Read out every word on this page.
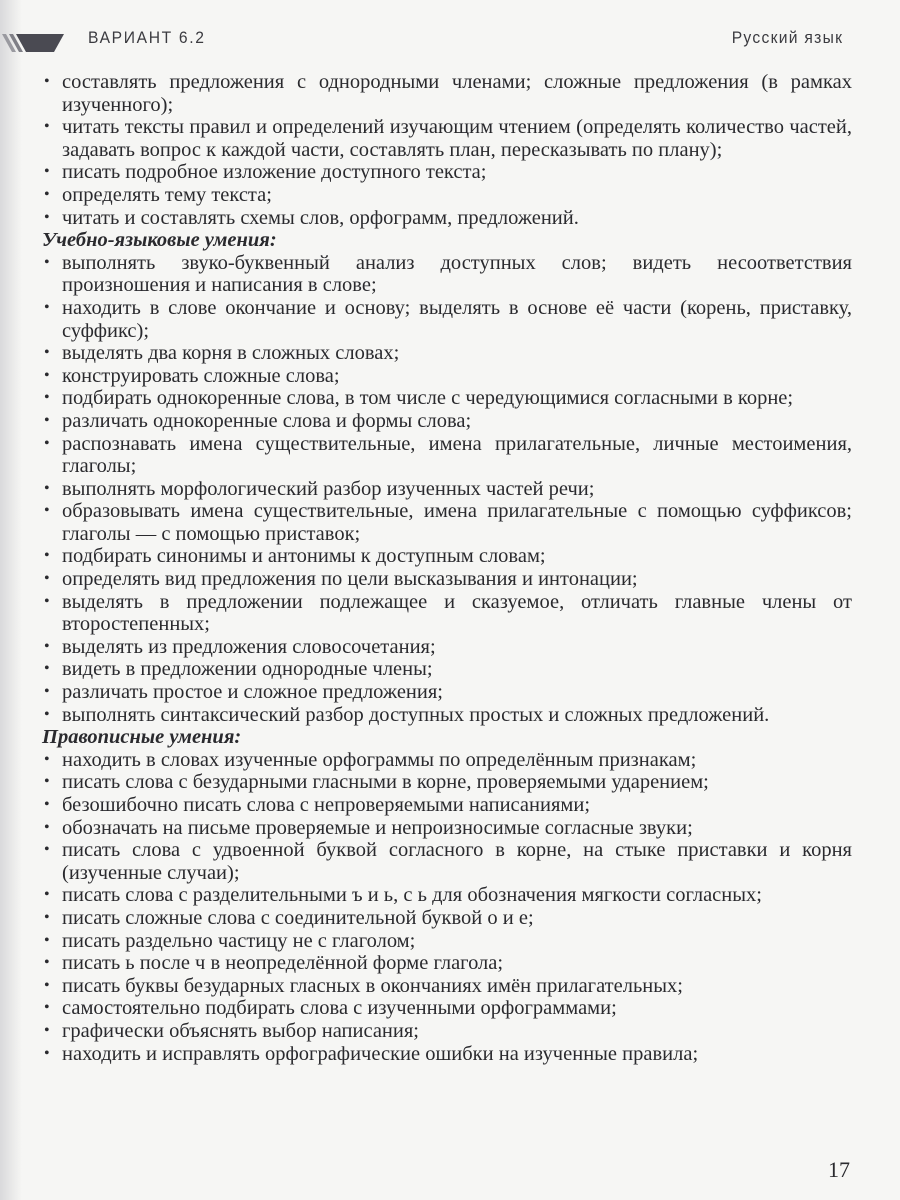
ВАРИАНТ 6.2	Русский язык
• составлять предложения с однородными членами; сложные предложения (в рамках изученного);
• читать тексты правил и определений изучающим чтением (определять количество частей, задавать вопрос к каждой части, составлять план, пересказывать по плану);
• писать подробное изложение доступного текста;
• определять тему текста;
• читать и составлять схемы слов, орфограмм, предложений.

Учебно-языковые умения:

• выполнять звуко-буквенный анализ доступных слов; видеть несоответствия произношения и написания в слове;
• находить в слове окончание и основу; выделять в основе её части (корень, приставку, суффикс);
• выделять два корня в сложных словах;
• конструировать сложные слова;
• подбирать однокоренные слова, в том числе с чередующимися согласными в корне;
• различать однокоренные слова и формы слова;
• распознавать имена существительные, имена прилагательные, личные местоимения, глаголы;
• выполнять морфологический разбор изученных частей речи;
• образовывать имена существительные, имена прилагательные с помощью суффиксов; глаголы — с помощью приставок;
• подбирать синонимы и антонимы к доступным словам;
• определять вид предложения по цели высказывания и интонации;
• выделять в предложении подлежащее и сказуемое, отличать главные члены от второстепенных;
• выделять из предложения словосочетания;
• видеть в предложении однородные члены;
• различать простое и сложное предложения;
• выполнять синтаксический разбор доступных простых и сложных предложений.

Правописные умения:

• находить в словах изученные орфограммы по определённым признакам;
• писать слова с безударными гласными в корне, проверяемыми ударением;
• безошибочно писать слова с непроверяемыми написаниями;
• обозначать на письме проверяемые и непроизносимые согласные звуки;
• писать слова с удвоенной буквой согласного в корне, на стыке приставки и корня (изученные случаи);
• писать слова с разделительными ъ и ь, с ь для обозначения мягкости согласных;
• писать сложные слова с соединительной буквой о и е;
• писать раздельно частицу не с глаголом;
• писать ь после ч в неопределённой форме глагола;
• писать буквы безударных гласных в окончаниях имён прилагательных;
• самостоятельно подбирать слова с изученными орфограммами;
• графически объяснять выбор написания;
• находить и исправлять орфографические ошибки на изученные правила;
17
